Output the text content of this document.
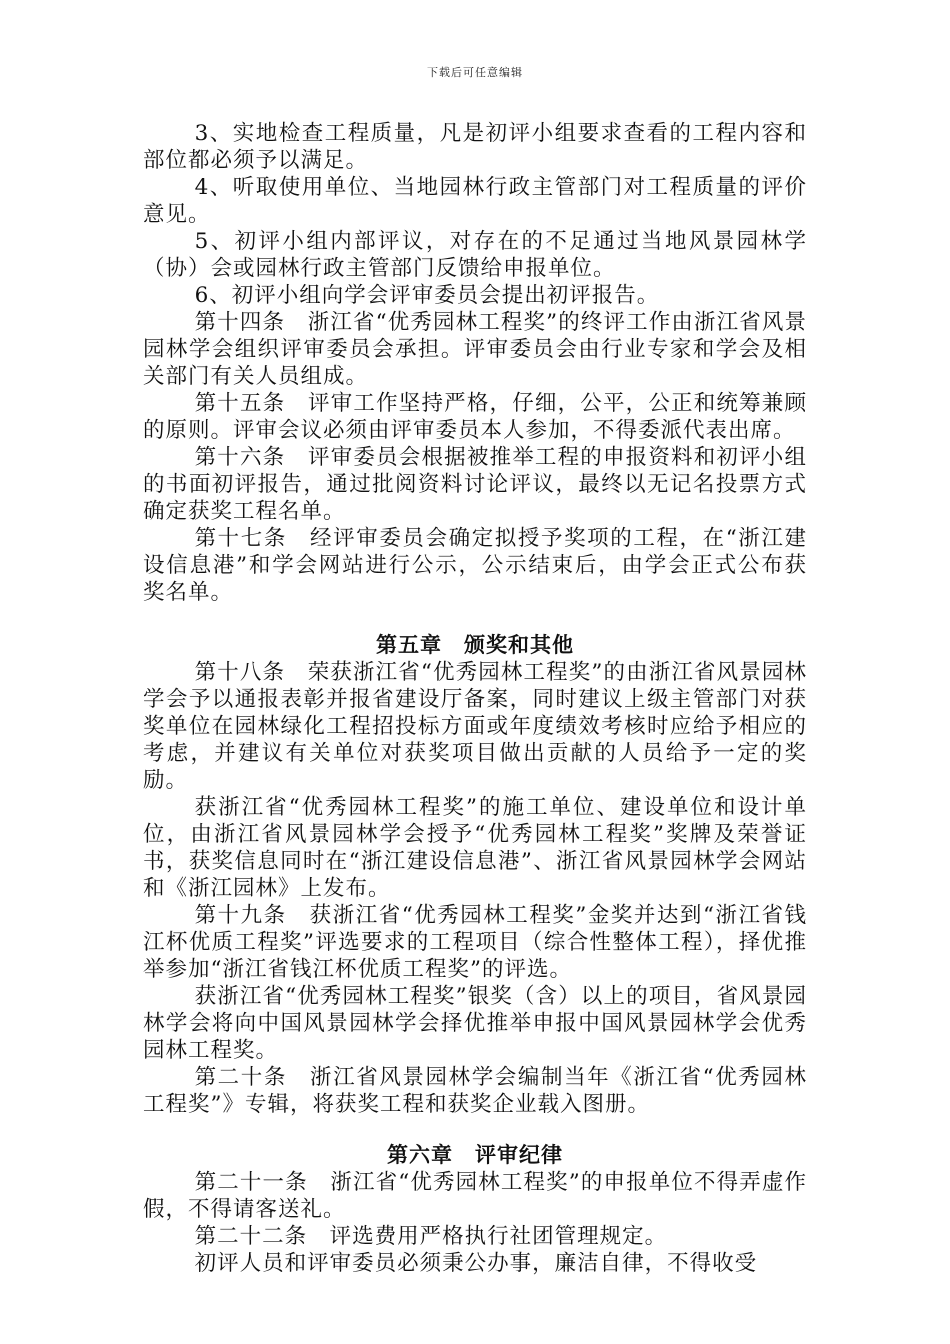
下载后可任意编辑

3、实地检查工程质量，凡是初评小组要求查看的工程内容和部位都必须予以满足。

4、听取使用单位、当地园林行政主管部门对工程质量的评价意见。

5、初评小组内部评议，对存在的不足通过当地风景园林学（协）会或园林行政主管部门反馈给申报单位。

6、初评小组向学会评审委员会提出初评报告。

第十四条　浙江省“优秀园林工程奖”的终评工作由浙江省风景园林学会组织评审委员会承担。评审委员会由行业专家和学会及相关部门有关人员组成。

第十五条　评审工作坚持严格，仔细，公平，公正和统筹兼顾的原则。评审会议必须由评审委员本人参加，不得委派代表出席。

第十六条　评审委员会根据被推举工程的申报资料和初评小组的书面初评报告，通过批阅资料讨论评议，最终以无记名投票方式确定获奖工程名单。

第十七条　经评审委员会确定拟授予奖项的工程，在“浙江建设信息港”和学会网站进行公示，公示结束后，由学会正式公布获奖名单。

第五章　颁奖和其他

第十八条　荣获浙江省“优秀园林工程奖”的由浙江省风景园林学会予以通报表彰并报省建设厅备案，同时建议上级主管部门对获奖单位在园林绿化工程招投标方面或年度绩效考核时应给予相应的考虑，并建议有关单位对获奖项目做出贡献的人员给予一定的奖励。

获浙江省“优秀园林工程奖”的施工单位、建设单位和设计单位，由浙江省风景园林学会授予“优秀园林工程奖”奖牌及荣誉证书，获奖信息同时在“浙江建设信息港”、浙江省风景园林学会网站和《浙江园林》上发布。

第十九条　获浙江省“优秀园林工程奖”金奖并达到“浙江省钱江杯优质工程奖”评选要求的工程项目（综合性整体工程），择优推举参加“浙江省钱江杯优质工程奖”的评选。

获浙江省“优秀园林工程奖”银奖（含）以上的项目，省风景园林学会将向中国风景园林学会择优推举申报中国风景园林学会优秀园林工程奖。

第二十条　浙江省风景园林学会编制当年《浙江省“优秀园林工程奖”》专辑，将获奖工程和获奖企业载入图册。

第六章　评审纪律

第二十一条　浙江省“优秀园林工程奖”的申报单位不得弄虚作假，不得请客送礼。

第二十二条　评选费用严格执行社团管理规定。

初评人员和评审委员必须秉公办事，廉洁自律，不得收受
